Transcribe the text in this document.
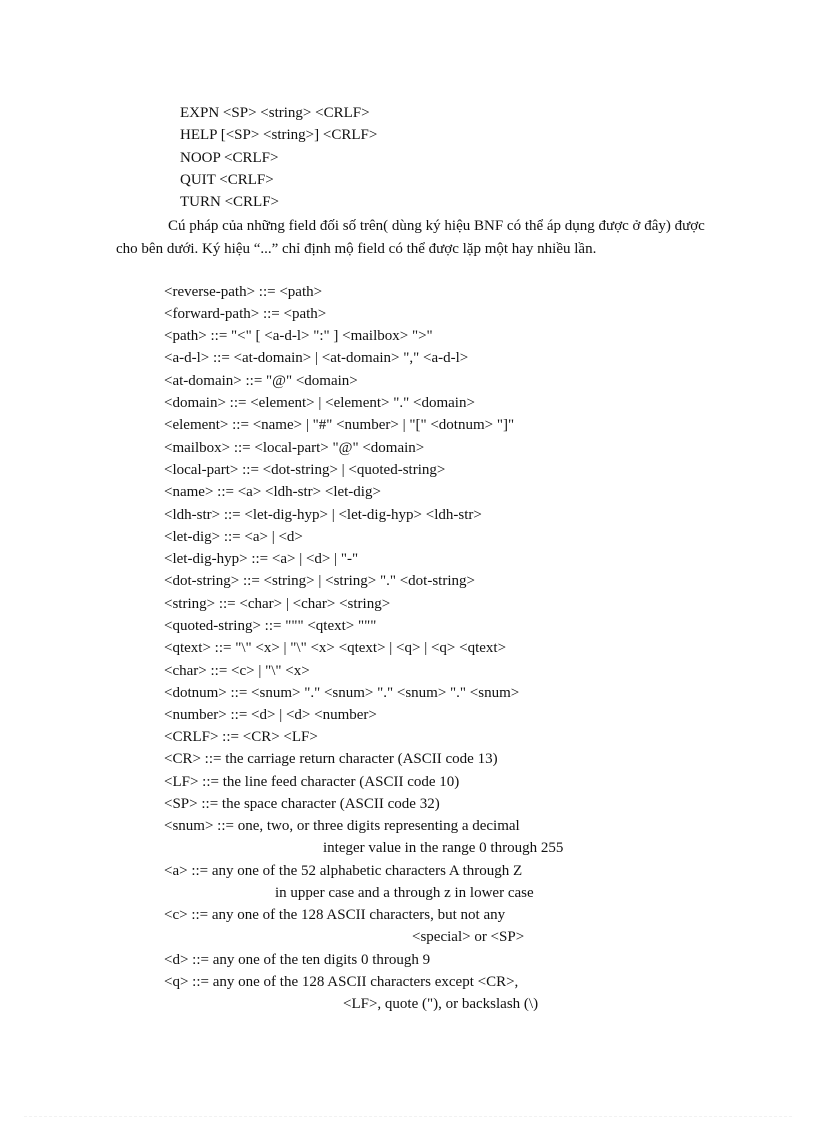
EXPN <SP> <string> <CRLF>
HELP [<SP> <string>] <CRLF>
NOOP <CRLF>
QUIT <CRLF>
TURN <CRLF>

Cú pháp của những field đối số trên( dùng ký hiệu BNF có thể áp dụng được ở đây) được cho bên dưới. Ký hiệu “...” chỉ định mộ field có thể được lặp một hay nhiều lần.

<reverse-path> ::= <path>
<forward-path> ::= <path>
<path> ::= "<" [ <a-d-l> ":" ] <mailbox> ">"
<a-d-l> ::= <at-domain> | <at-domain> "," <a-d-l>
<at-domain> ::= "@" <domain>
<domain> ::= <element> | <element> "." <domain>
<element> ::= <name> | "#" <number> | "[" <dotnum> "]"
<mailbox> ::= <local-part> "@" <domain>
<local-part> ::= <dot-string> | <quoted-string>
<name> ::= <a> <ldh-str> <let-dig>
<ldh-str> ::= <let-dig-hyp> | <let-dig-hyp> <ldh-str>
<let-dig> ::= <a> | <d>
<let-dig-hyp> ::= <a> | <d> | "-"
<dot-string> ::= <string> | <string> "." <dot-string>
<string> ::= <char> | <char> <string>
<quoted-string> ::= """ <qtext> """
<qtext> ::= "\" <x> | "\" <x> <qtext> | <q> | <q> <qtext>
<char> ::= <c> | "\" <x>
<dotnum> ::= <snum> "." <snum> "." <snum> "." <snum>
<number> ::= <d> | <d> <number>
<CRLF> ::= <CR> <LF>
<CR> ::= the carriage return character (ASCII code 13)
<LF> ::= the line feed character (ASCII code 10)
<SP> ::= the space character (ASCII code 32)
<snum> ::= one, two, or three digits representing a decimal
integer value in the range 0 through 255
<a> ::= any one of the 52 alphabetic characters A through Z
in upper case and a through z in lower case
<c> ::= any one of the 128 ASCII characters, but not any
<special> or <SP>
<d> ::= any one of the ten digits 0 through 9
<q> ::= any one of the 128 ASCII characters except <CR>,
<LF>, quote ("), or backslash (\)
